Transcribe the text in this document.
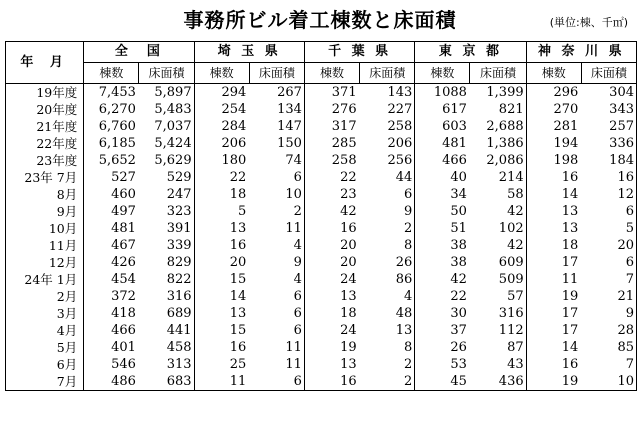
事務所ビル着工棟数と床面積	(単位:棟、千㎡)
年 月	全　国		埼 玉 県		千 葉 県		東 京 都		神 奈 川 県	
	棟数	床面積	棟数	床面積	棟数	床面積	棟数	床面積	棟数	床面積
19年度	7,453	5,897	294	267	371	143	1088	1,399	296	304
20年度	6,270	5,483	254	134	276	227	617	821	270	343
21年度	6,760	7,037	284	147	317	258	603	2,688	281	257
22年度	6,185	5,424	206	150	285	206	481	1,386	194	336
23年度	5,652	5,629	180	74	258	256	466	2,086	198	184
23年 7月	527	529	22	6	22	44	40	214	16	16
8月	460	247	18	10	23	6	34	58	14	12
9月	497	323	5	2	42	9	50	42	13	6
10月	481	391	13	11	16	2	51	102	13	5
11月	467	339	16	4	20	8	38	42	18	20
12月	426	829	20	9	20	26	38	609	17	6
24年 1月	454	822	15	4	24	86	42	509	11	7
2月	372	316	14	6	13	4	22	57	19	21
3月	418	689	13	6	18	48	30	316	17	9
4月	466	441	15	6	24	13	37	112	17	28
5月	401	458	16	11	19	8	26	87	14	85
6月	546	313	25	11	13	2	53	43	16	7
7月	486	683	11	6	16	2	45	436	19	10
